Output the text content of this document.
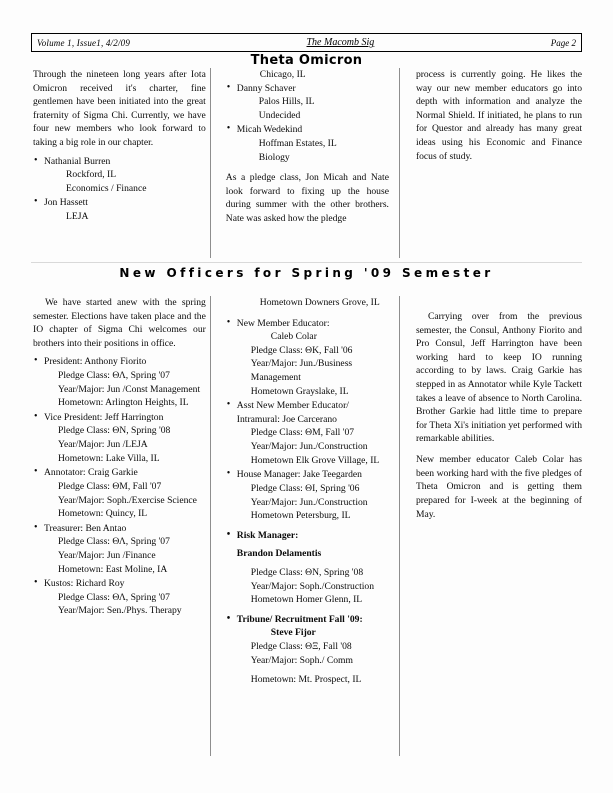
Volume 1, Issue1, 4/2/09	The Macomb Sig	Page 2
Theta Omicron

Through the nineteen long years after Iota Omicron received it's charter, fine gentlemen have been initiated into the great fraternity of Sigma Chi. Currently, we have four new members who look forward to taking a big role in our chapter.

• Nathanial Burren
Rockford, IL
Economics / Finance
• Jon Hassett
LEJA
Chicago, IL
• Danny Schaver
Palos Hills, IL
Undecided
• Micah Wedekind
Hoffman Estates, IL
Biology

As a pledge class, Jon Micah and Nate look forward to fixing up the house during summer with the other brothers. Nate was asked how the pledge

process is currently going. He likes the way our new member educators go into depth with information and analyze the Normal Shield. If initiated, he plans to run for Questor and already has many great ideas using his Economic and Finance focus of study.

New Officers for Spring '09 Semester

We have started anew with the spring semester. Elections have taken place and the IO chapter of Sigma Chi welcomes our brothers into their positions in office.

• President: Anthony Fiorito
Pledge Class: ΘΛ, Spring '07
Year/Major: Jun /Const Management
Hometown: Arlington Heights, IL
• Vice President: Jeff Harrington
Pledge Class: ΘN, Spring '08
Year/Major: Jun /LEJA
Hometown: Lake Villa, IL
• Annotator: Craig Garkie
Pledge Class: ΘM, Fall '07
Year/Major: Soph./Exercise Science
Hometown: Quincy, IL
• Treasurer: Ben Antao
Pledge Class: ΘΛ, Spring '07
Year/Major: Jun /Finance
Hometown: East Moline, IA
• Kustos: Richard Roy
Pledge Class: ΘΛ, Spring '07
Year/Major: Sen./Phys. Therapy
Hometown Downers Grove, IL
• New Member Educator:
Caleb Colar
Pledge Class: ΘK, Fall '06
Year/Major: Jun./Business Management
Hometown Grayslake, IL
• Asst New Member Educator/ Intramural: Joe Carcerano
Pledge Class: ΘM, Fall '07
Year/Major: Jun./Construction
Hometown Elk Grove Village, IL
• House Manager: Jake Teegarden
Pledge Class: ΘI, Spring '06
Year/Major: Jun./Construction
Hometown Petersburg, IL
• Risk Manager:
Brandon Delamentis
Pledge Class: ΘN, Spring '08
Year/Major: Soph./Construction
Hometown Homer Glenn, IL
• Tribune/ Recruitment Fall '09:
Steve Fijor
Pledge Class: ΘΞ, Fall '08
Year/Major: Soph./ Comm
Hometown: Mt. Prospect, IL

Carrying over from the previous semester, the Consul, Anthony Fiorito and Pro Consul, Jeff Harrington have been working hard to keep IO running according to by laws. Craig Garkie has stepped in as Annotator while Kyle Tackett takes a leave of absence to North Carolina. Brother Garkie had little time to prepare for Theta Xi's initiation yet performed with remarkable abilities.

New member educator Caleb Colar has been working hard with the five pledges of Theta Omicron and is getting them prepared for I-week at the beginning of May.
